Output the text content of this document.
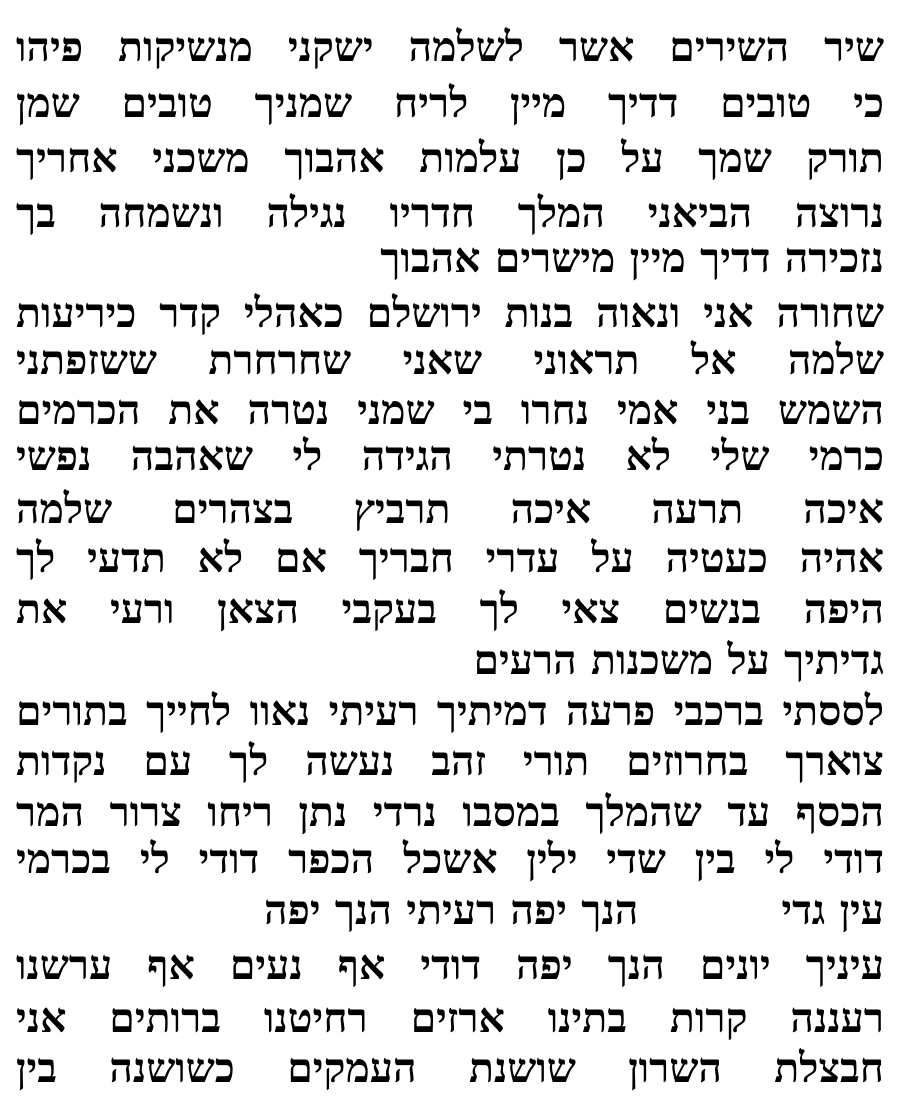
שיר השירים אשר לשלמה ישקני מנשיקות פיהו
כי טובים דדיך מיין לריח שמניך טובים שמן
תורק שמך על כן עלמות אהבוך משכני אחריך
נרוצה הביאני המלך חדריו נגילה ונשמחה בך
נזכירה דדיך מיין מישרים אהבוך
שחורה אני ונאוה בנות ירושלם כאהלי קדר כיריעות
שלמה אל תראוני שאני שחרחרת ששזפתני
השמש בני אמי נחרו בי שמני נטרה את הכרמים
כרמי שלי לא נטרתי הגידה לי שאהבה נפשי
איכה תרעה איכה תרביץ בצהרים שלמה
אהיה כעטיה על עדרי חבריך אם לא תדעי לך
היפה בנשים צאי לך בעקבי הצאן ורעי את
גדיתיך על משכנות הרעים
לססתי ברכבי פרעה דמיתיך רעיתי נאוו לחייך בתורים
צוארך בחרוזים תורי זהב נעשה לך עם נקדות
הכסף עד שהמלך במסבו נרדי נתן ריחו צרור המר
דודי לי בין שדי ילין אשכל הכפר דודי לי בכרמי
עין גדי
הנך יפה רעיתי הנך יפה
עיניך יונים הנך יפה דודי אף נעים אף ערשנו
רעננה קרות בתינו ארזים רחיטנו ברותים אני
חבצלת השרון שושנת העמקים כשושנה בין
